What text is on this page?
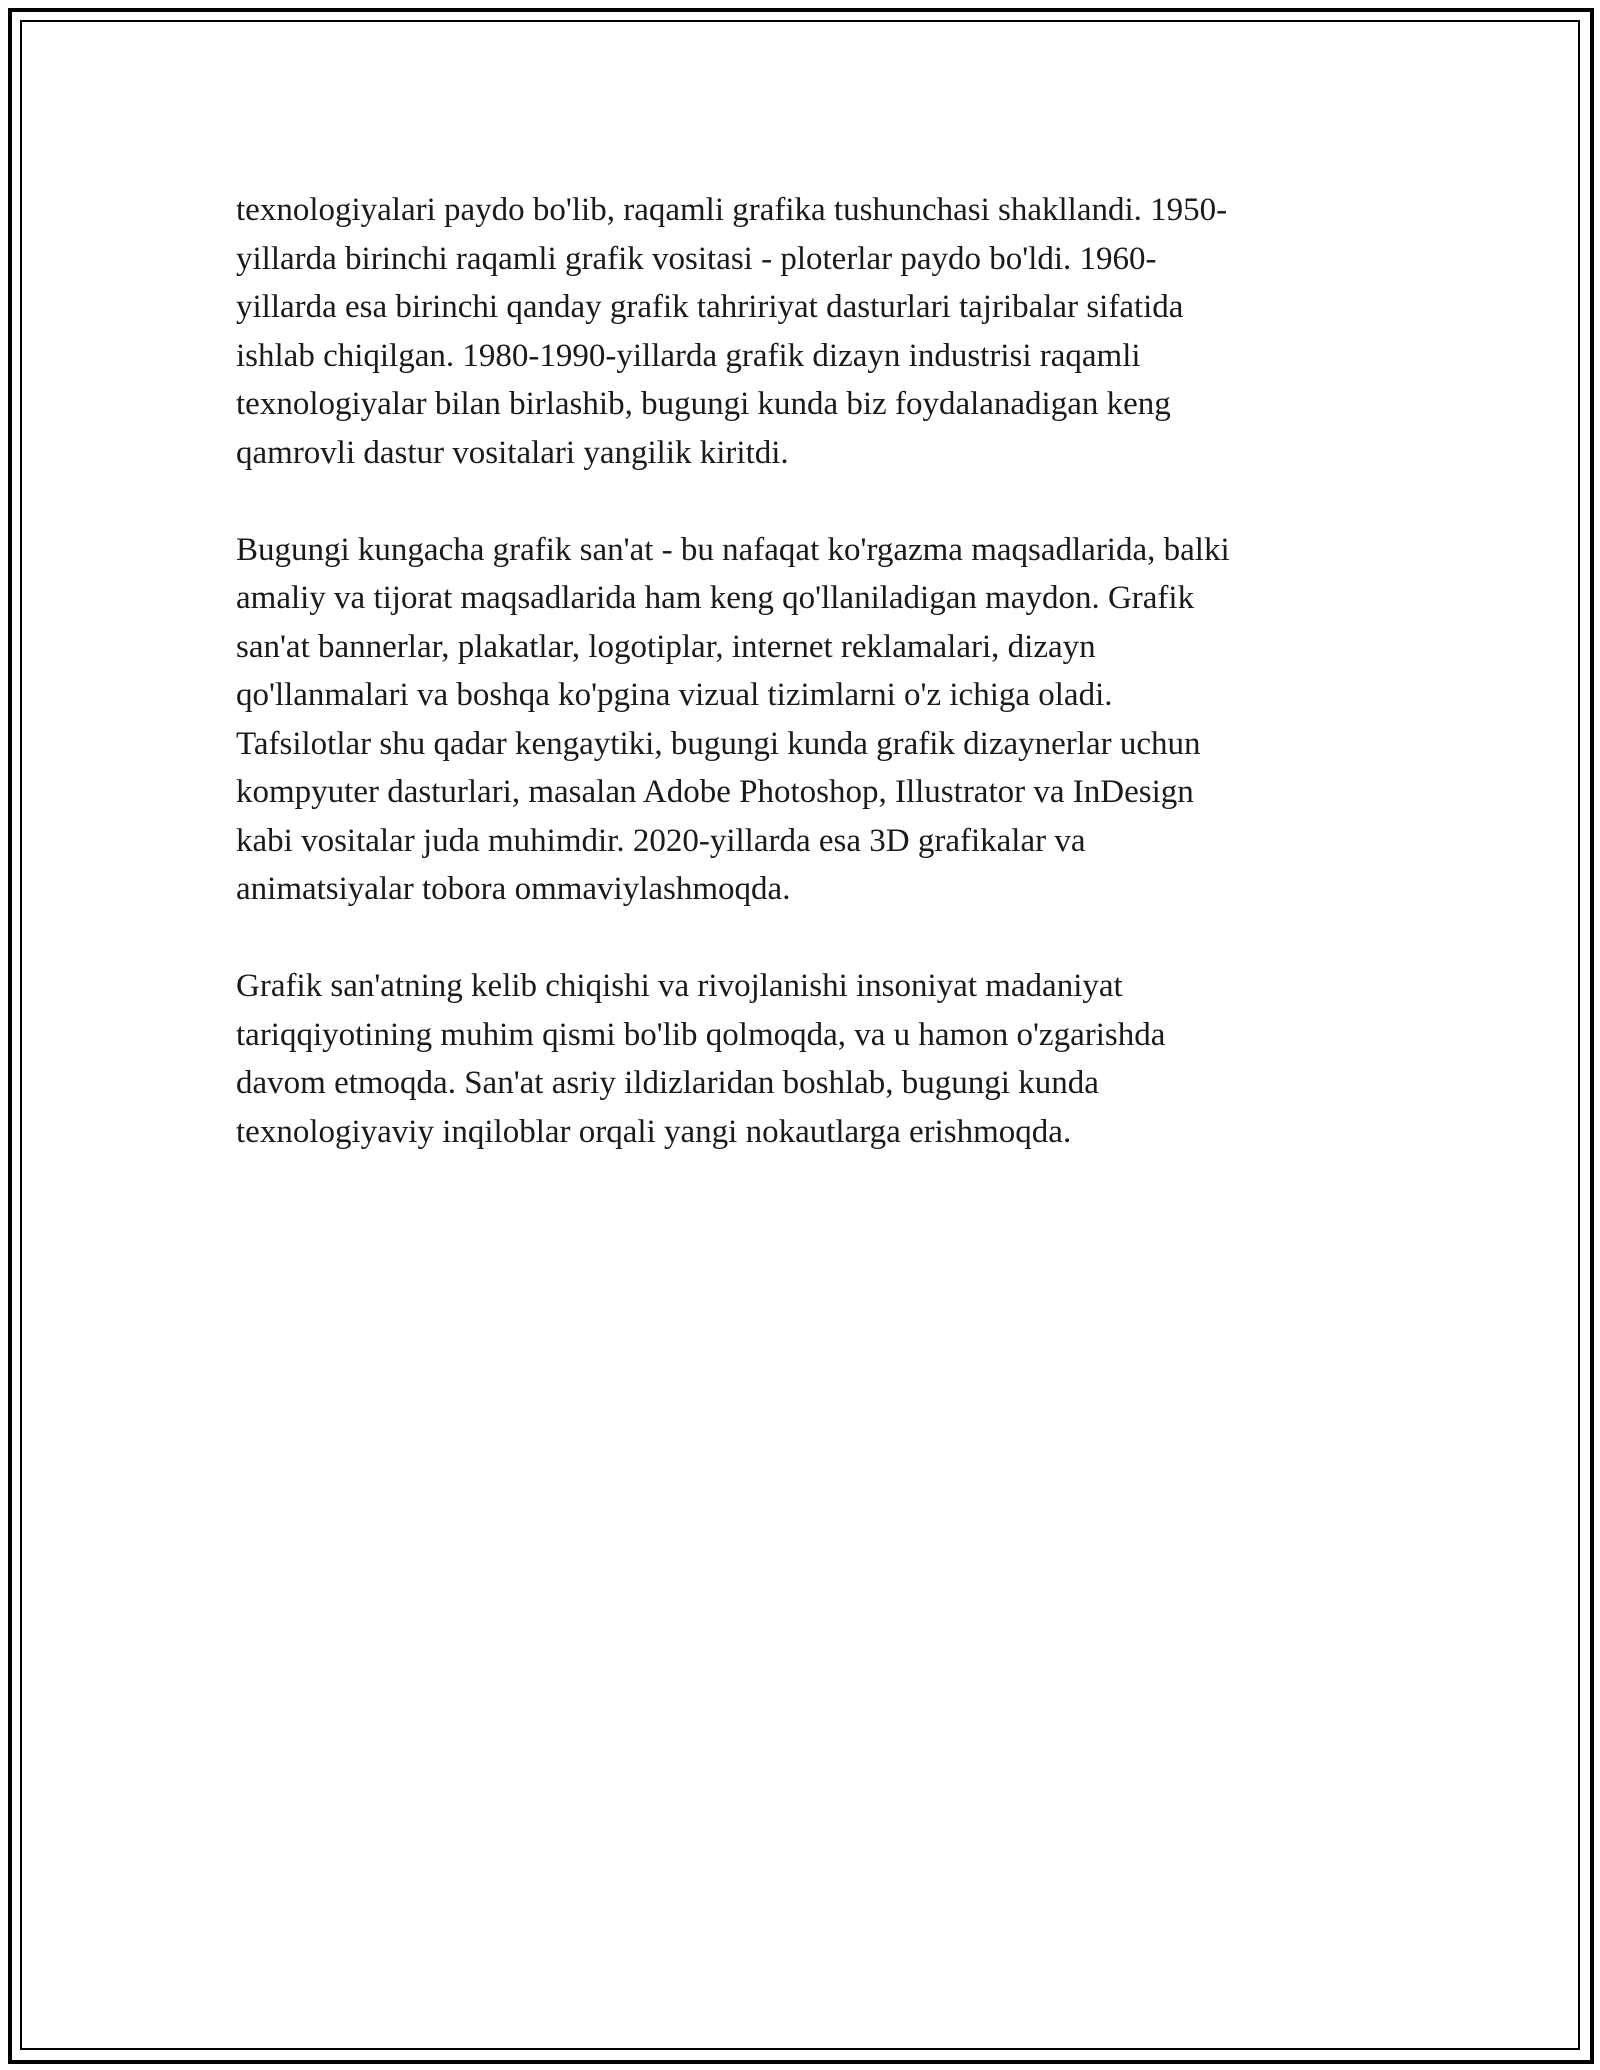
texnologiyalari paydo bo'lib, raqamli grafika tushunchasi shakllandi. 1950-
yillarda birinchi raqamli grafik vositasi - ploterlar paydo bo'ldi. 1960-
yillarda esa birinchi qanday grafik tahririyat dasturlari tajribalar sifatida
ishlab chiqilgan. 1980-1990-yillarda grafik dizayn industrisi raqamli
texnologiyalar bilan birlashib, bugungi kunda biz foydalanadigan keng
qamrovli dastur vositalari yangilik kiritdi.

Bugungi kungacha grafik san'at - bu nafaqat ko'rgazma maqsadlarida, balki
amaliy va tijorat maqsadlarida ham keng qo'llaniladigan maydon. Grafik
san'at bannerlar, plakatlar, logotiplar, internet reklamalari, dizayn
qo'llanmalari va boshqa ko'pgina vizual tizimlarni o'z ichiga oladi.
Tafsilotlar shu qadar kengaytiki, bugungi kunda grafik dizaynerlar uchun
kompyuter dasturlari, masalan Adobe Photoshop, Illustrator va InDesign
kabi vositalar juda muhimdir. 2020-yillarda esa 3D grafikalar va
animatsiyalar tobora ommaviylashmoqda.

Grafik san'atning kelib chiqishi va rivojlanishi insoniyat madaniyat
tariqqiyotining muhim qismi bo'lib qolmoqda, va u hamon o'zgarishda
davom etmoqda. San'at asriy ildizlaridan boshlab, bugungi kunda
texnologiyaviy inqiloblar orqali yangi nokautlarga erishmoqda.
